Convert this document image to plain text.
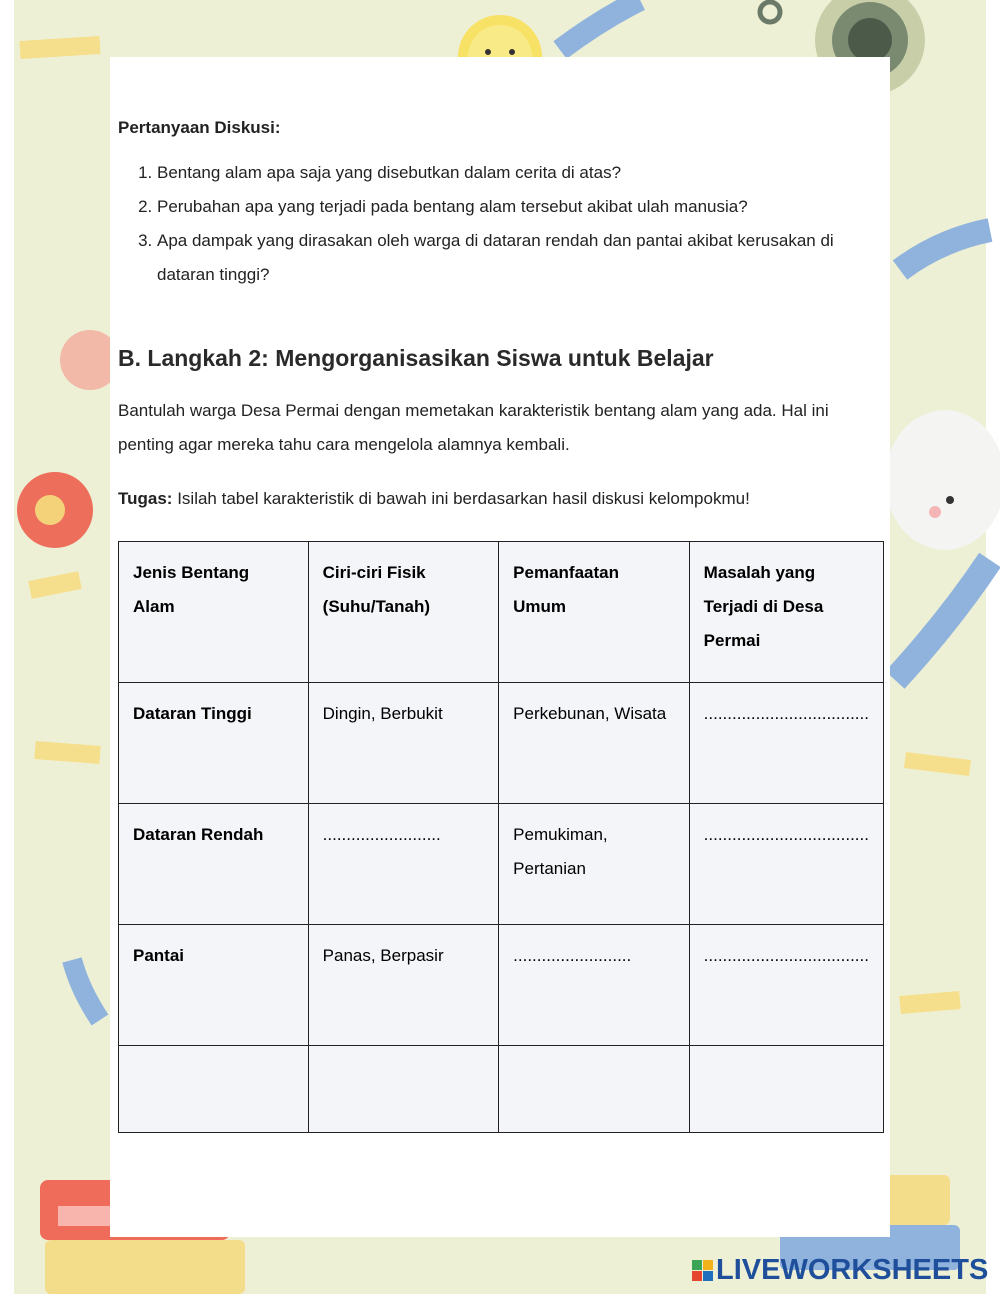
Pertanyaan Diskusi:
1. Bentang alam apa saja yang disebutkan dalam cerita di atas?
2. Perubahan apa yang terjadi pada bentang alam tersebut akibat ulah manusia?
3. Apa dampak yang dirasakan oleh warga di dataran rendah dan pantai akibat kerusakan di dataran tinggi?
B. Langkah 2: Mengorganisasikan Siswa untuk Belajar
Bantulah warga Desa Permai dengan memetakan karakteristik bentang alam yang ada. Hal ini penting agar mereka tahu cara mengelola alamnya kembali.
Tugas: Isilah tabel karakteristik di bawah ini berdasarkan hasil diskusi kelompokmu!
Jenis Bentang Alam	Ciri-ciri Fisik (Suhu/Tanah)	Pemanfaatan Umum	Masalah yang Terjadi di Desa Permai
Dataran Tinggi	Dingin, Berbukit	Perkebunan, Wisata	...................................
Dataran Rendah	.........................	Pemukiman, Pertanian	...................................
Pantai	Panas, Berpasir	.........................	...................................

LIVEWORKSHEETS
